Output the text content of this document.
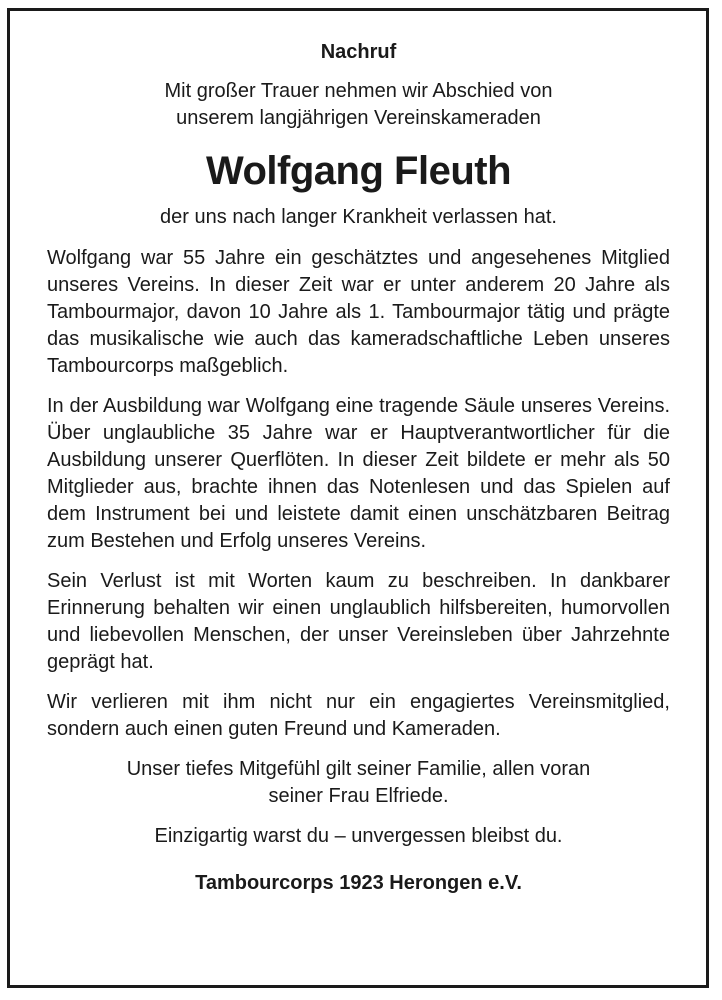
Nachruf

Mit großer Trauer nehmen wir Abschied von
unserem langjährigen Vereinskameraden

Wolfgang Fleuth
der uns nach langer Krankheit verlassen hat.

Wolfgang war 55 Jahre ein geschätztes und angesehenes Mitglied unseres Vereins. In dieser Zeit war er unter anderem 20 Jahre als Tambourmajor, davon 10 Jahre als 1. Tambourmajor tätig und prägte das musikalische wie auch das kameradschaftliche Leben unseres Tambourcorps maßgeblich.

In der Ausbildung war Wolfgang eine tragende Säule unseres Vereins. Über unglaubliche 35 Jahre war er Hauptverantwortlicher für die Ausbildung unserer Querflöten. In dieser Zeit bildete er mehr als 50 Mitglieder aus, brachte ihnen das Notenlesen und das Spielen auf dem Instrument bei und leistete damit einen unschätzbaren Beitrag zum Bestehen und Erfolg unseres Vereins.

Sein Verlust ist mit Worten kaum zu beschreiben. In dankbarer Erinnerung behalten wir einen unglaublich hilfsbereiten, humorvollen und liebevollen Menschen, der unser Vereinsleben über Jahrzehnte geprägt hat.

Wir verlieren mit ihm nicht nur ein engagiertes Vereinsmitglied, sondern auch einen guten Freund und Kameraden.

Unser tiefes Mitgefühl gilt seiner Familie, allen voran
seiner Frau Elfriede.

Einzigartig warst du – unvergessen bleibst du.

Tambourcorps 1923 Herongen e.V.
